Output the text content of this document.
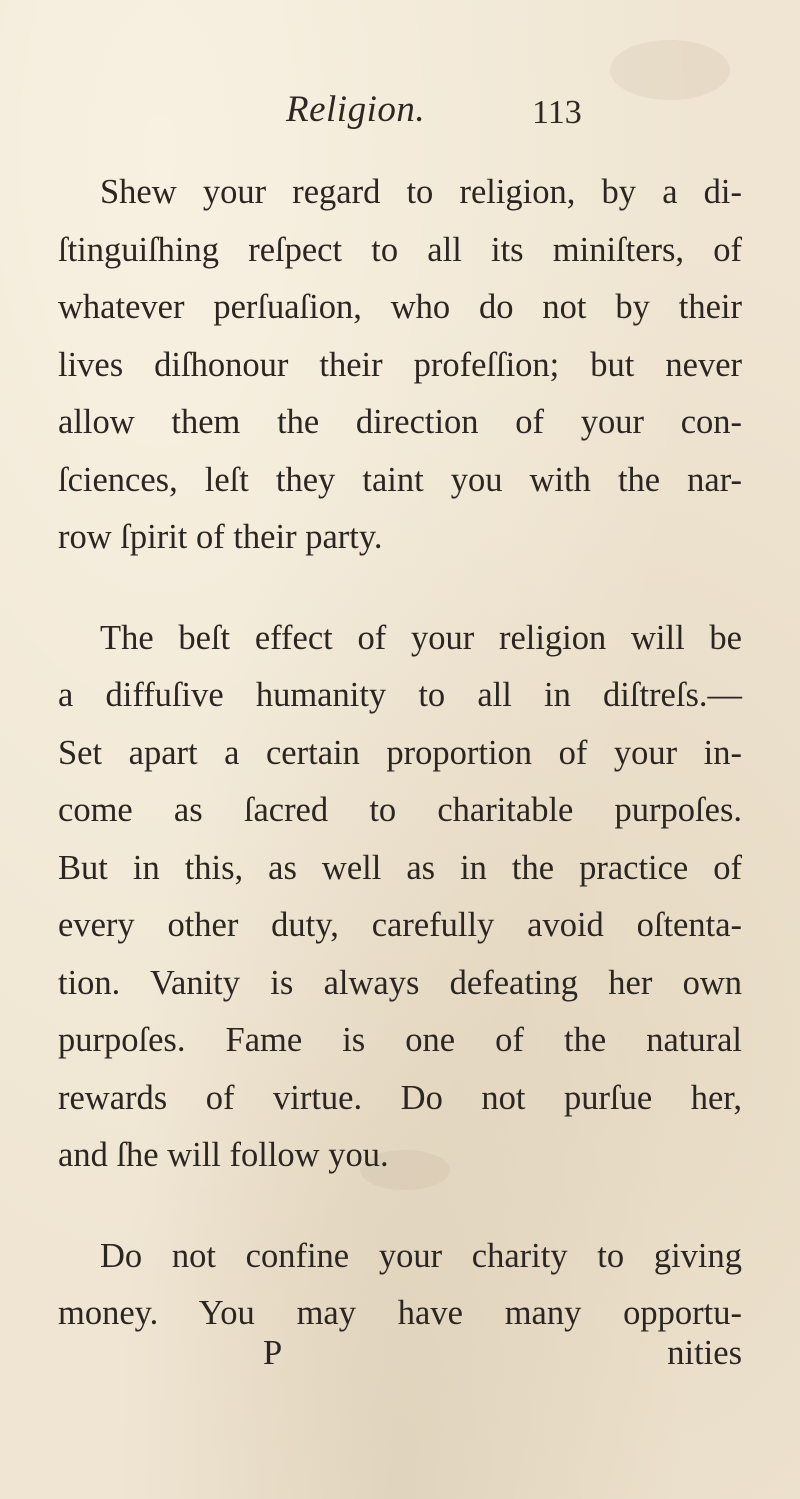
Religion.	113

Shew your regard to religion, by a di-
ſtinguiſhing reſpect to all its miniſters, of
whatever perſuaſion, who do not by their
lives diſhonour their profeſſion; but never
allow them the direction of your con-
ſciences, leſt they taint you with the nar-
row ſpirit of their party.

The beſt effect of your religion will be
a diffuſive humanity to all in diſtreſs.—
Set apart a certain proportion of your in-
come as ſacred to charitable purpoſes.
But in this, as well as in the practice of
every other duty, carefully avoid oſtenta-
tion. Vanity is always defeating her own
purpoſes. Fame is one of the natural
rewards of virtue. Do not purſue her,
and ſhe will follow you.

Do not confine your charity to giving
money. You may have many opportu-

P	nities
